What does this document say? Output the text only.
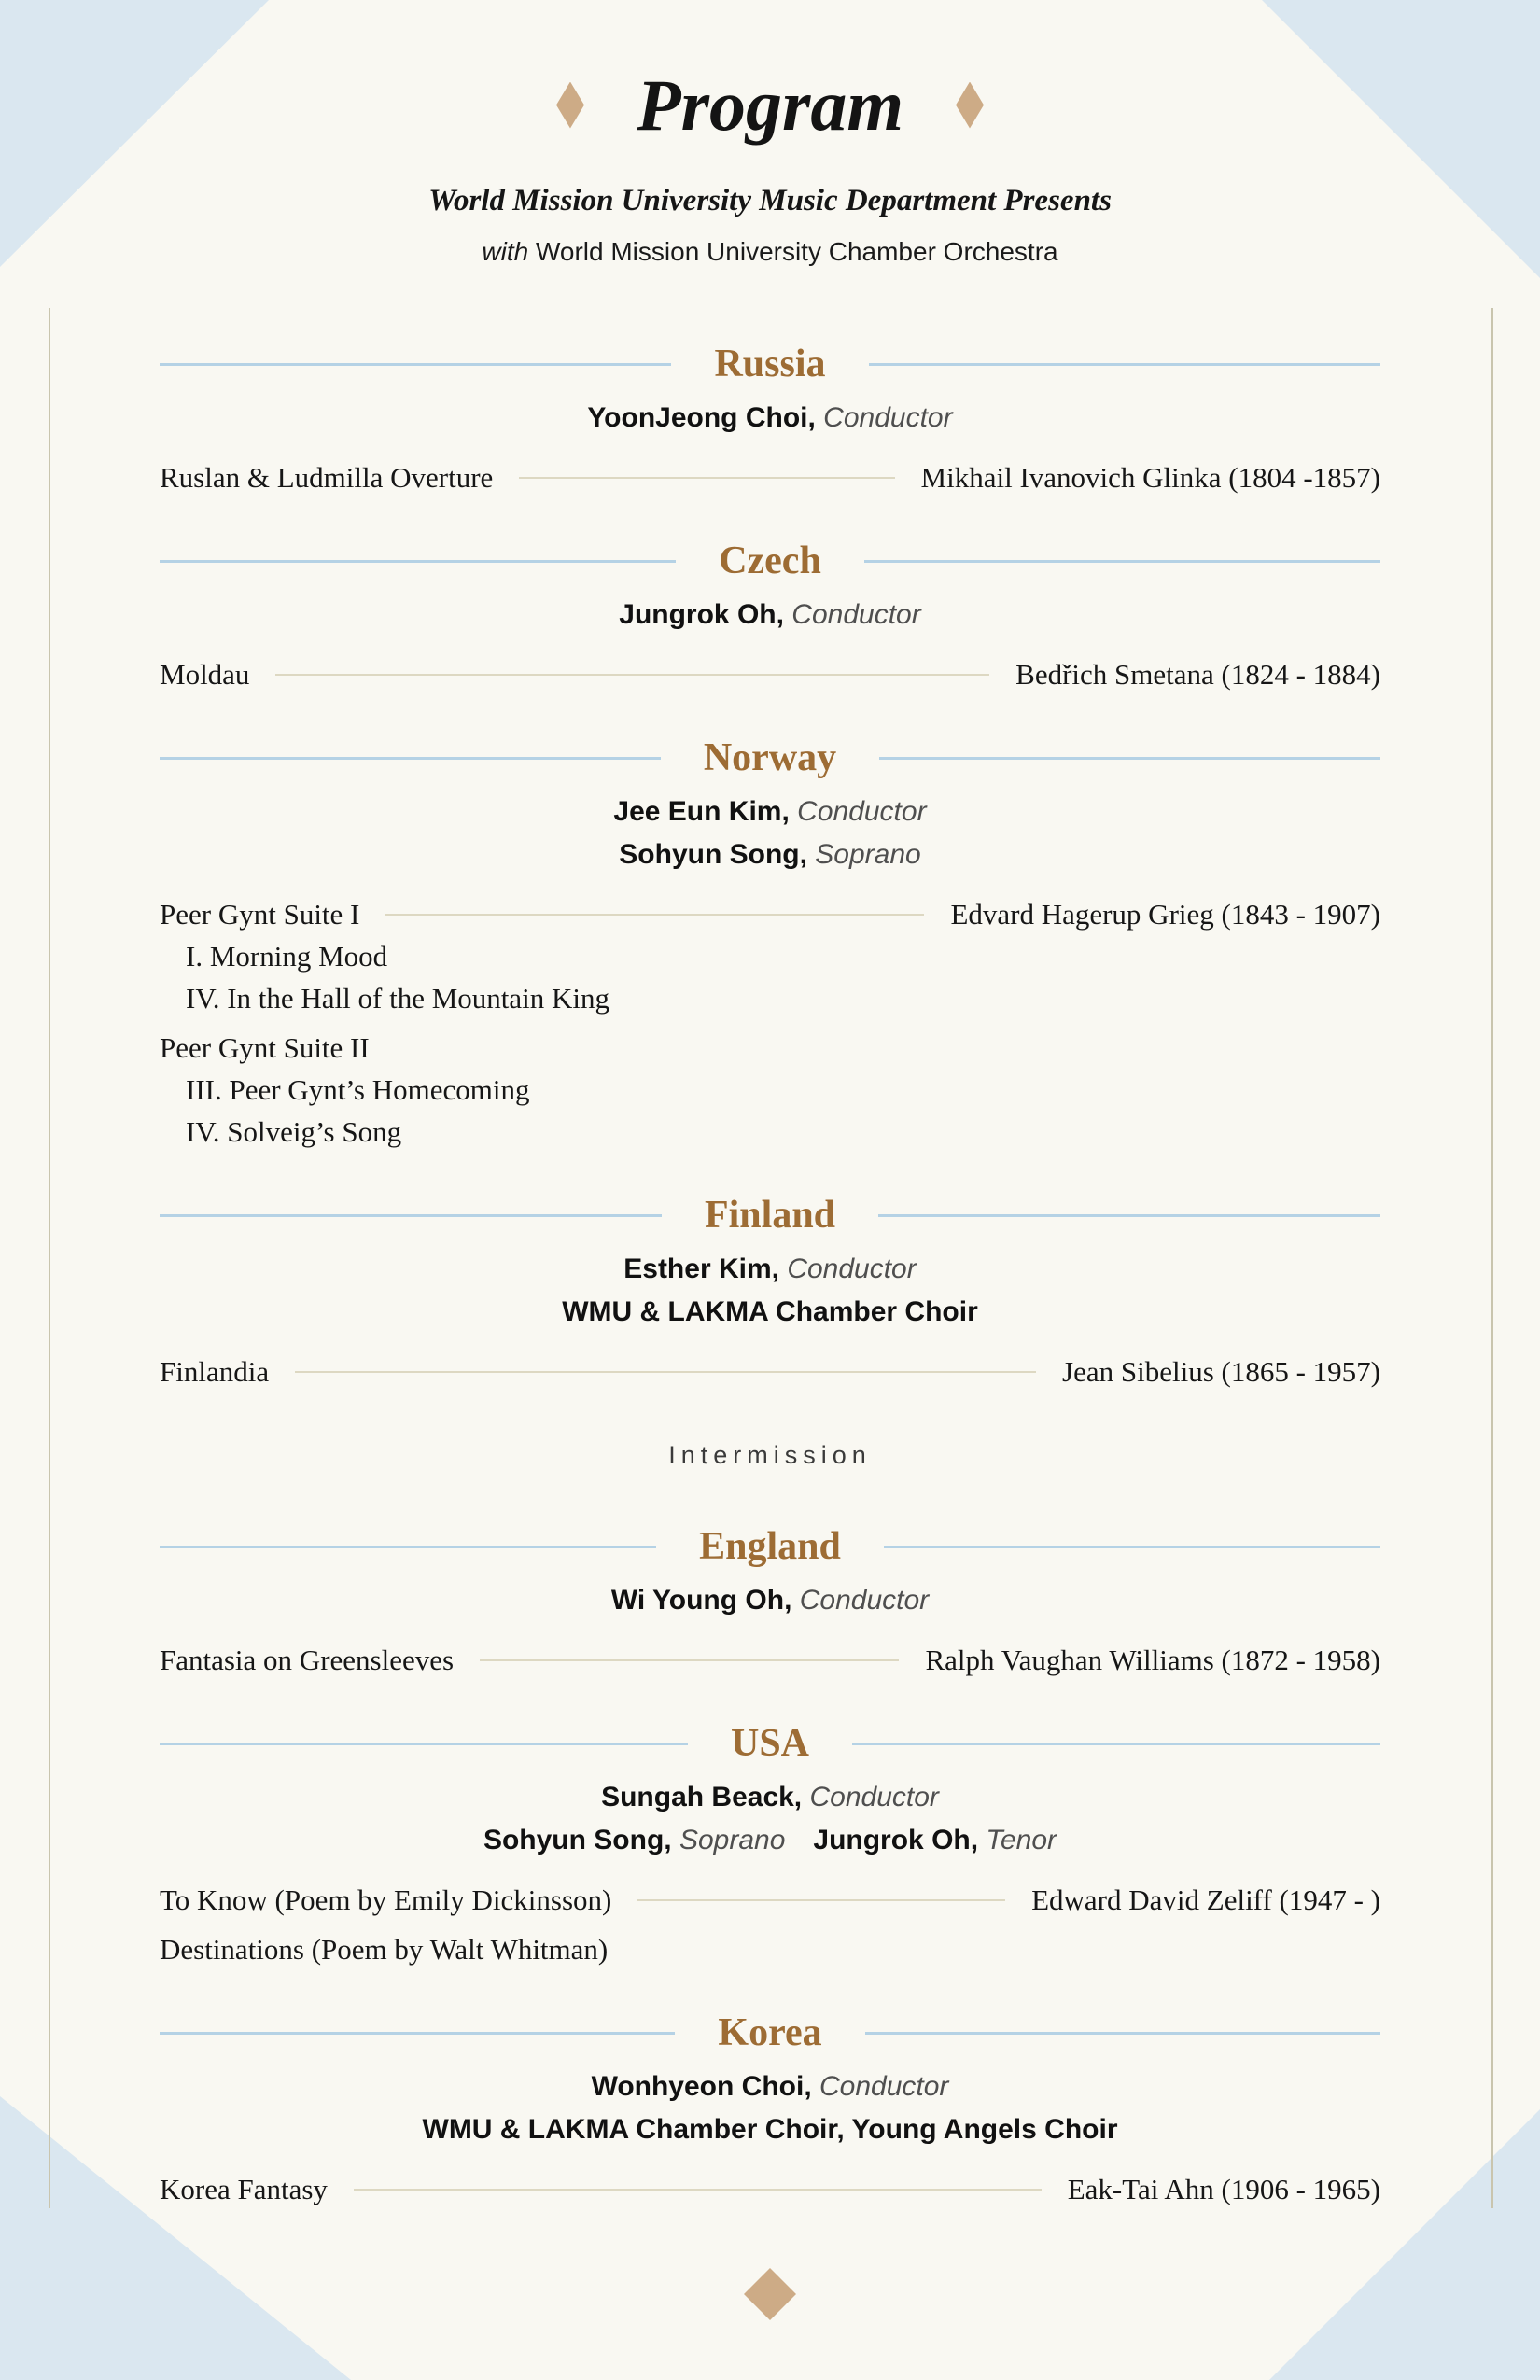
Program

World Mission University Music Department Presents

with World Mission University Chamber Orchestra

Russia

YoonJeong Choi, Conductor

Ruslan & Ludmilla Overture	Mikhail Ivanovich Glinka (1804 -1857)
Czech

Jungrok Oh, Conductor

Moldau	Bedřich Smetana (1824 - 1884)
Norway

Jee Eun Kim, Conductor

Sohyun Song, Soprano

Peer Gynt Suite I	Edvard Hagerup Grieg (1843 - 1907)

I. Morning Mood

IV. In the Hall of the Mountain King

Peer Gynt Suite II

III. Peer Gynt’s Homecoming

IV. Solveig’s Song

Finland

Esther Kim, Conductor

WMU & LAKMA Chamber Choir

Finlandia	Jean Sibelius (1865 - 1957)

Intermission

England

Wi Young Oh, Conductor

Fantasia on Greensleeves	Ralph Vaughan Williams (1872 - 1958)
USA

Sungah Beack, Conductor

Sohyun Song, Soprano Jungrok Oh, Tenor

To Know (Poem by Emily Dickinsson)	Edward David Zeliff (1947 - )
Destinations (Poem by Walt Whitman)
Korea

Wonhyeon Choi, Conductor

WMU & LAKMA Chamber Choir, Young Angels Choir

Korea Fantasy	Eak-Tai Ahn (1906 - 1965)
